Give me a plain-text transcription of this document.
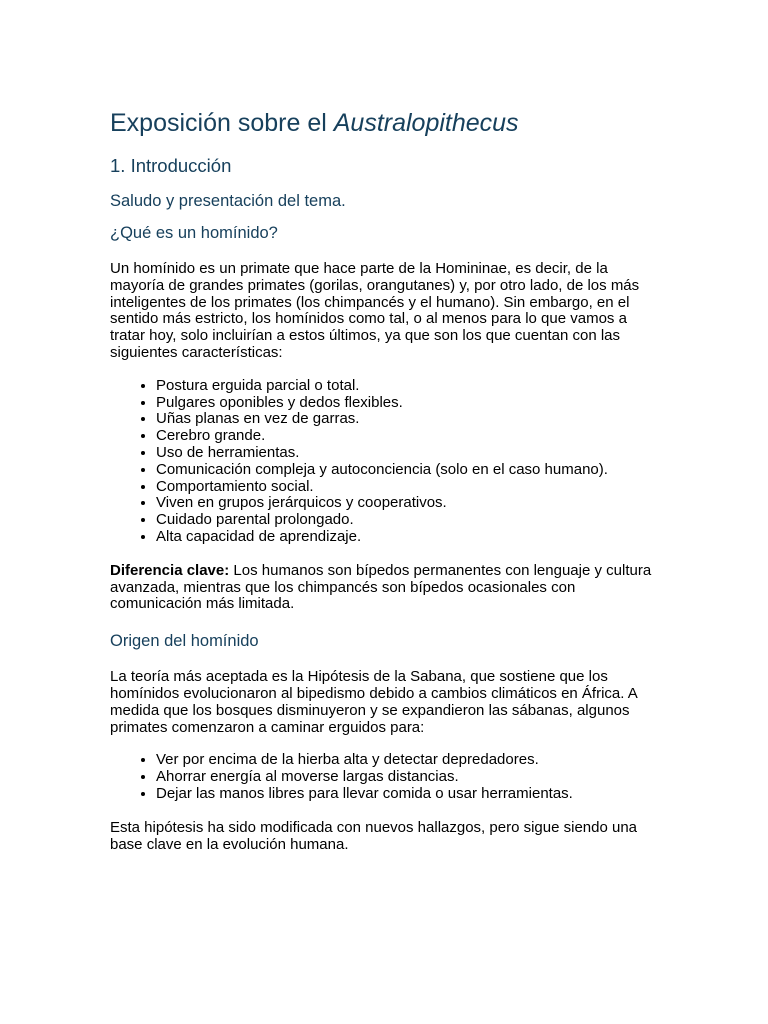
Exposición sobre el Australopithecus
1. Introducción
Saludo y presentación del tema.
¿Qué es un homínido?

Un homínido es un primate que hace parte de la Homininae, es decir, de la mayoría de grandes primates (gorilas, orangutanes) y, por otro lado, de los más inteligentes de los primates (los chimpancés y el humano). Sin embargo, en el sentido más estricto, los homínidos como tal, o al menos para lo que vamos a tratar hoy, solo incluirían a estos últimos, ya que son los que cuentan con las siguientes características:

• Postura erguida parcial o total.
• Pulgares oponibles y dedos flexibles.
• Uñas planas en vez de garras.
• Cerebro grande.
• Uso de herramientas.
• Comunicación compleja y autoconciencia (solo en el caso humano).
• Comportamiento social.
• Viven en grupos jerárquicos y cooperativos.
• Cuidado parental prolongado.
• Alta capacidad de aprendizaje.

Diferencia clave: Los humanos son bípedos permanentes con lenguaje y cultura avanzada, mientras que los chimpancés son bípedos ocasionales con comunicación más limitada.

Origen del homínido

La teoría más aceptada es la Hipótesis de la Sabana, que sostiene que los homínidos evolucionaron al bipedismo debido a cambios climáticos en África. A medida que los bosques disminuyeron y se expandieron las sábanas, algunos primates comenzaron a caminar erguidos para:

• Ver por encima de la hierba alta y detectar depredadores.
• Ahorrar energía al moverse largas distancias.
• Dejar las manos libres para llevar comida o usar herramientas.

Esta hipótesis ha sido modificada con nuevos hallazgos, pero sigue siendo una base clave en la evolución humana.
